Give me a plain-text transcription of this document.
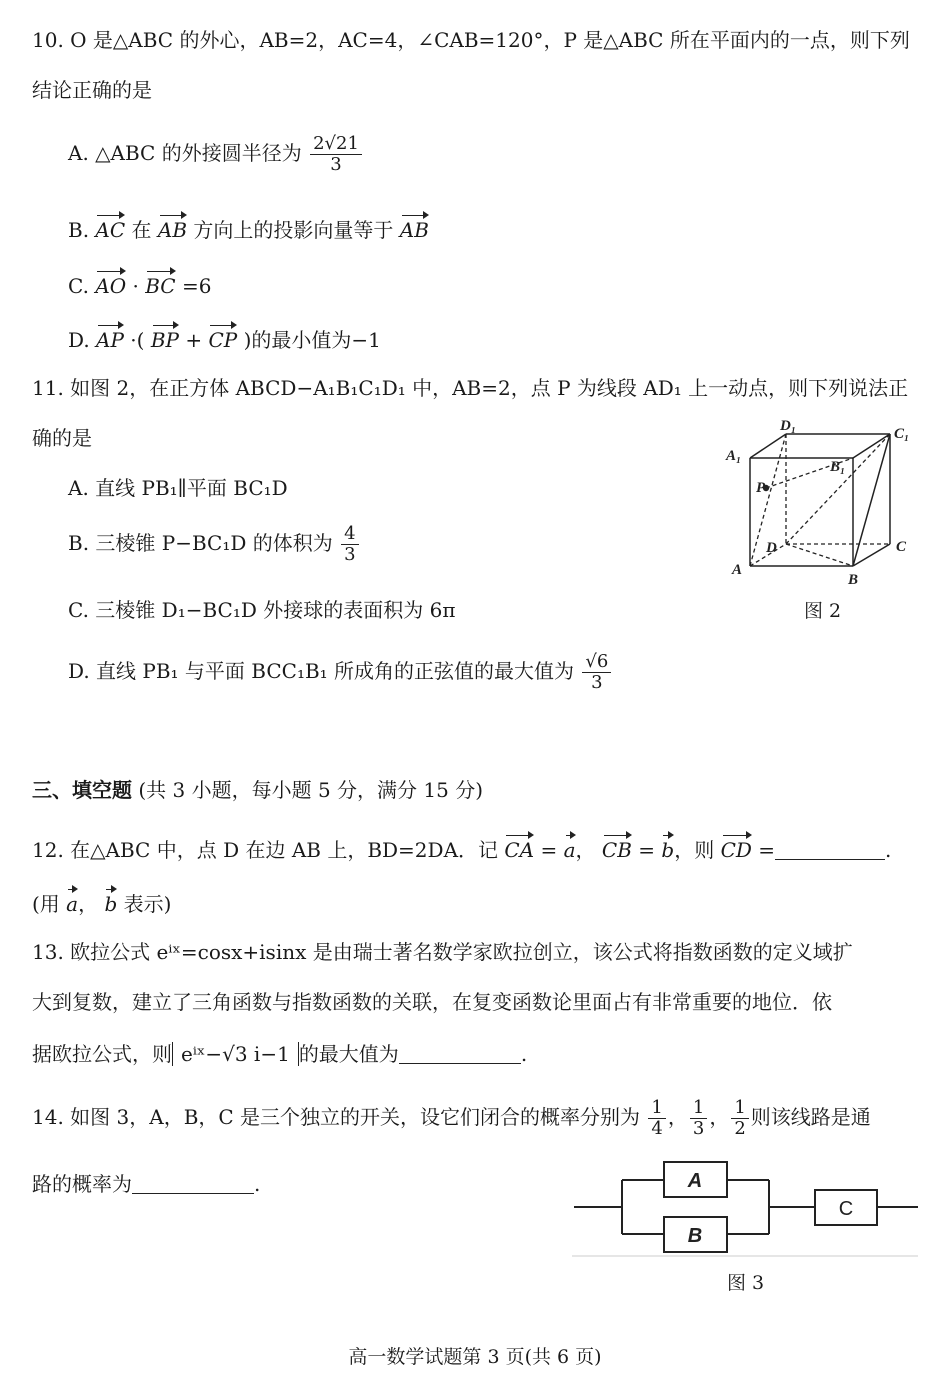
10. O 是△ABC 的外心，AB=2，AC=4，∠CAB=120°，P 是△ABC 所在平面内的一点，则下列
结论正确的是
A. △ABC 的外接圆半径为 $\frac{2√21}{3}$
B. AC 在 AB 方向上的投影向量等于 AB
C. AO · BC =6
D. AP ·( BP + CP )的最小值为−1
11. 如图 2，在正方体 ABCD−A₁B₁C₁D₁ 中，AB=2，点 P 为线段 AD₁ 上一动点，则下列说法正
确的是
A. 直线 PB₁∥平面 BC₁D
B. 三棱锥 P−BC₁D 的体积为 $\frac{4}{3}$
C. 三棱锥 D₁−BC₁D 外接球的表面积为 6π
D. 直线 PB₁ 与平面 BCC₁B₁ 所成角的正弦值的最大值为 $\frac{√6}{3}$
A₁
D₁	C₁
B₁
P
D	C
A
B
图 2
三、填空题 (共 3 小题，每小题 5 分，满分 15 分)
12. 在△ABC 中，点 D 在边 AB 上，BD=2DA．记 CA = a， CB = b，则 CD =	.
(用 a， b 表示)
13. 欧拉公式 eⁱˣ=cosx+isinx 是由瑞士著名数学家欧拉创立，该公式将指数函数的定义域扩
大到复数，建立了三角函数与指数函数的关联，在复变函数论里面占有非常重要的地位．依
据欧拉公式，则 eⁱˣ−√3 i−1 的最大值为	.
14. 如图 3，A，B，C 是三个独立的开关，设它们闭合的概率分别为 $\frac{1}{4}$ ， $\frac{1}{3}$ ， $\frac{1}{2}$ 则该线路是通
路的概率为	.	A
B
C
图 3
高一数学试题第 3 页(共 6 页)
